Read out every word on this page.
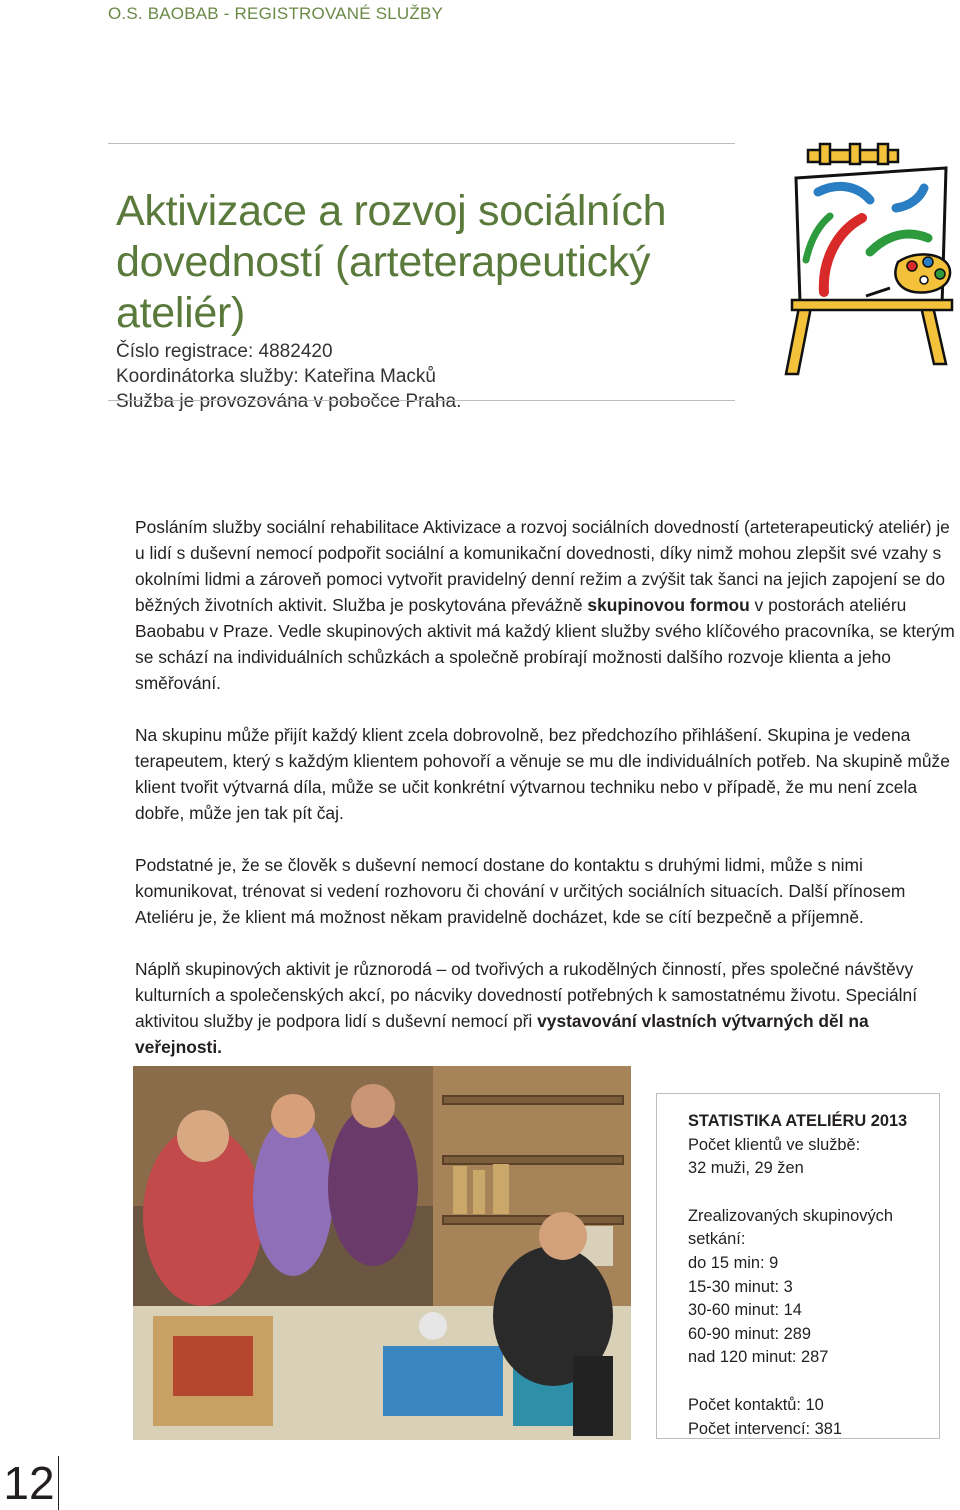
O.S. BAOBAB - REGISTROVANÉ SLUŽBY
Aktivizace a rozvoj sociálních
dovedností (arteterapeutický ateliér)
Číslo registrace: 4882420
Koordinátorka služby: Kateřina Macků
Služba je provozována v pobočce Praha.

Posláním služby sociální rehabilitace Aktivizace a rozvoj sociálních dovedností (arteterapeutický ateliér) je u lidí s duševní nemocí podpořit sociální a komunikační dovednosti, díky nimž mohou zlepšit své vzahy s okolními lidmi a zároveň pomoci vytvořit pravidelný denní režim a zvýšit tak šanci na jejich zapojení se do běžných životních aktivit. Služba je poskytována převážně skupinovou formou v postorách ateliéru Baobabu v Praze. Vedle skupinových aktivit má každý klient služby svého klíčového pracovníka, se kterým se schází na individuálních schůzkách a společně probírají možnosti dalšího rozvoje klienta a jeho směřování.

Na skupinu může přijít každý klient zcela dobrovolně, bez předchozího přihlášení. Skupina je vedena terapeutem, který s každým klientem pohovoří a věnuje se mu dle individuálních potřeb. Na skupině může klient tvořit výtvarná díla, může se učit konkrétní výtvarnou techniku nebo v případě, že mu není zcela dobře, může jen tak pít čaj.

Podstatné je, že se člověk s duševní nemocí dostane do kontaktu s druhými lidmi, může s nimi komunikovat, trénovat si vedení rozhovoru či chování v určitých sociálních situacích. Další přínosem Ateliéru je, že klient má možnost někam pravidelně docházet, kde se cítí bezpečně a příjemně.

Náplň skupinových aktivit je různorodá – od tvořivých a rukodělných činností, přes společné návštěvy kulturních a společenských akcí, po nácviky dovedností potřebných k samostatnému životu. Speciální aktivitou služby je podpora lidí s duševní nemocí při vystavování vlastních výtvarných děl na veřejnosti.

STATISTIKA ATELIÉRU 2013
Počet klientů ve službě:
32 muži, 29 žen
Zrealizovaných skupinových setkání:
do 15 min: 9
15-30 minut: 3
30-60 minut: 14
60-90 minut: 289
nad 120 minut: 287
Počet kontaktů: 10
Počet intervencí: 381
12
